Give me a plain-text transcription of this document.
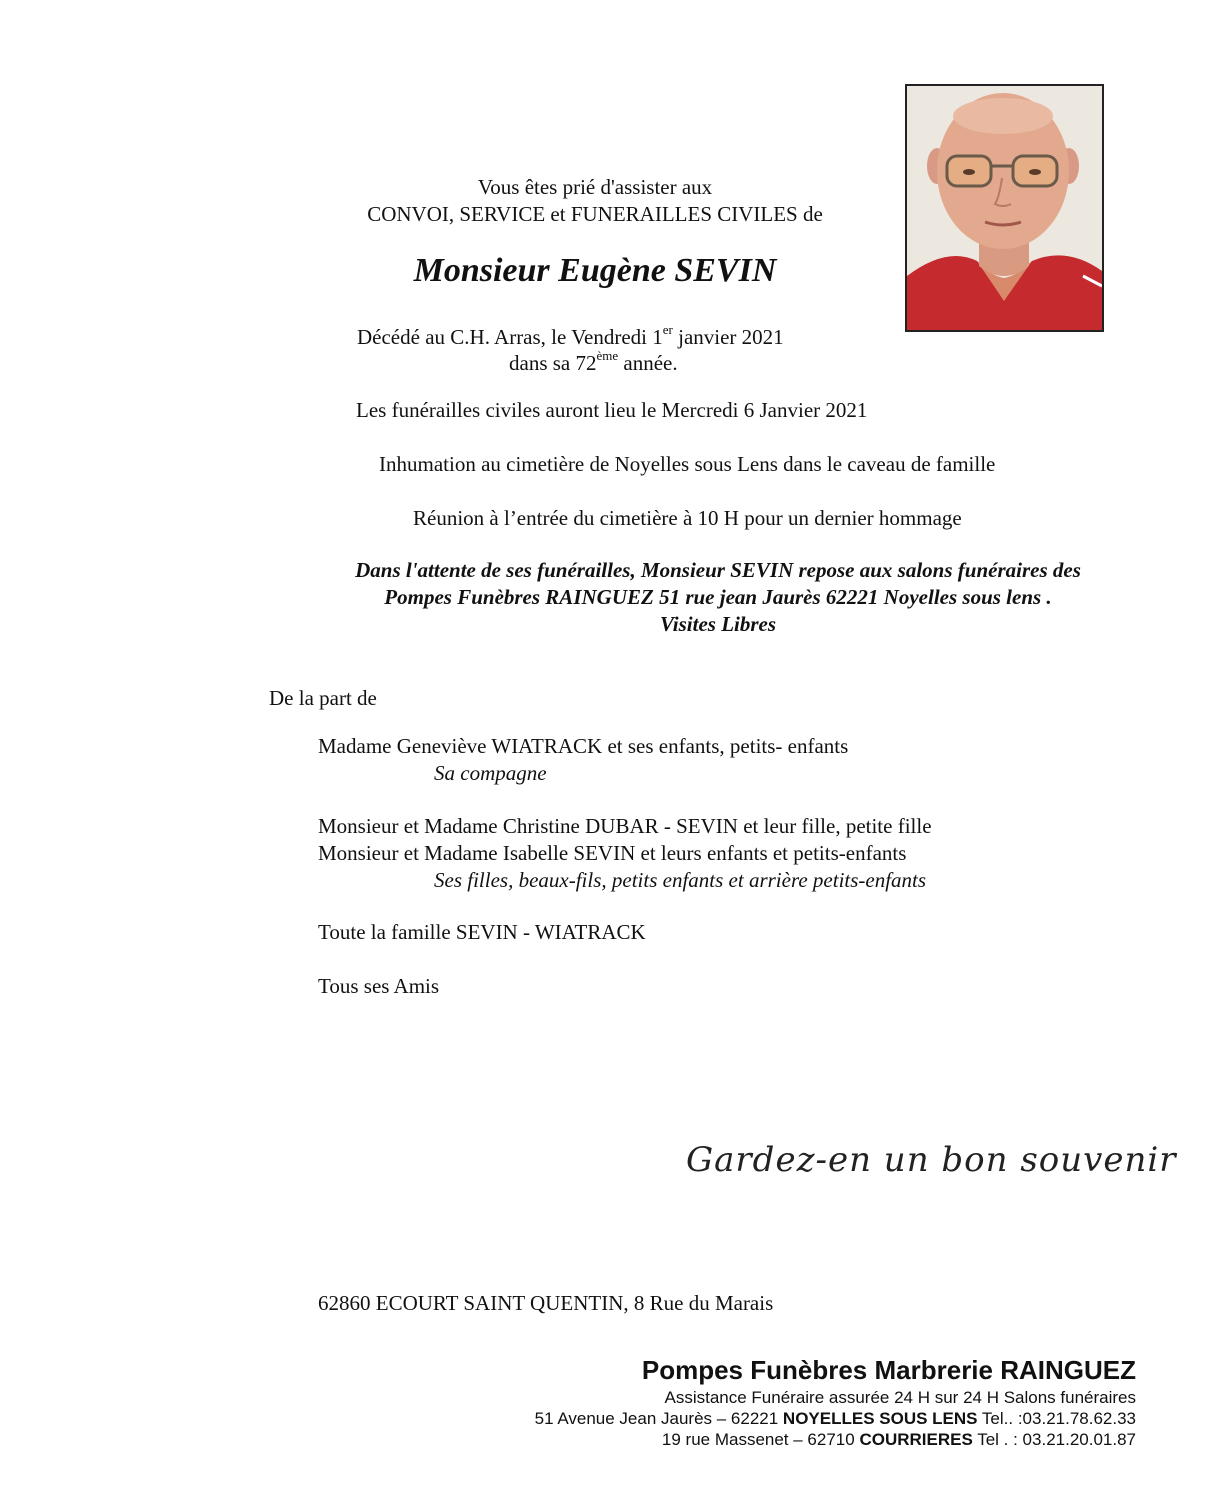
Vous êtes prié d'assister aux
CONVOI, SERVICE et FUNERAILLES CIVILES de
Monsieur Eugène SEVIN
Décédé au C.H. Arras, le Vendredi 1er janvier 2021
dans sa 72ème année.
Les funérailles civiles auront lieu le Mercredi 6 Janvier 2021
Inhumation au cimetière de Noyelles sous Lens dans le caveau de famille
Réunion à l’entrée du cimetière à 10 H pour un dernier hommage
Dans l'attente de ses funérailles, Monsieur SEVIN repose aux salons funéraires des
Pompes Funèbres RAINGUEZ 51 rue jean Jaurès 62221 Noyelles sous lens .
Visites Libres
De la part de
Madame Geneviève WIATRACK et ses enfants, petits- enfants
Sa compagne
Monsieur et Madame Christine DUBAR - SEVIN et leur fille, petite fille
Monsieur et Madame Isabelle SEVIN et leurs enfants et petits-enfants
Ses filles, beaux-fils, petits enfants et arrière petits-enfants
Toute la famille SEVIN - WIATRACK
Tous ses Amis
Gardez-en un bon souvenir
62860 ECOURT SAINT QUENTIN, 8 Rue du Marais
Pompes Funèbres Marbrerie RAINGUEZ
Assistance Funéraire assurée 24 H sur 24 H Salons funéraires
51 Avenue Jean Jaurès – 62221 NOYELLES SOUS LENS Tel.. :03.21.78.62.33
19 rue Massenet – 62710 COURRIERES Tel . : 03.21.20.01.87
